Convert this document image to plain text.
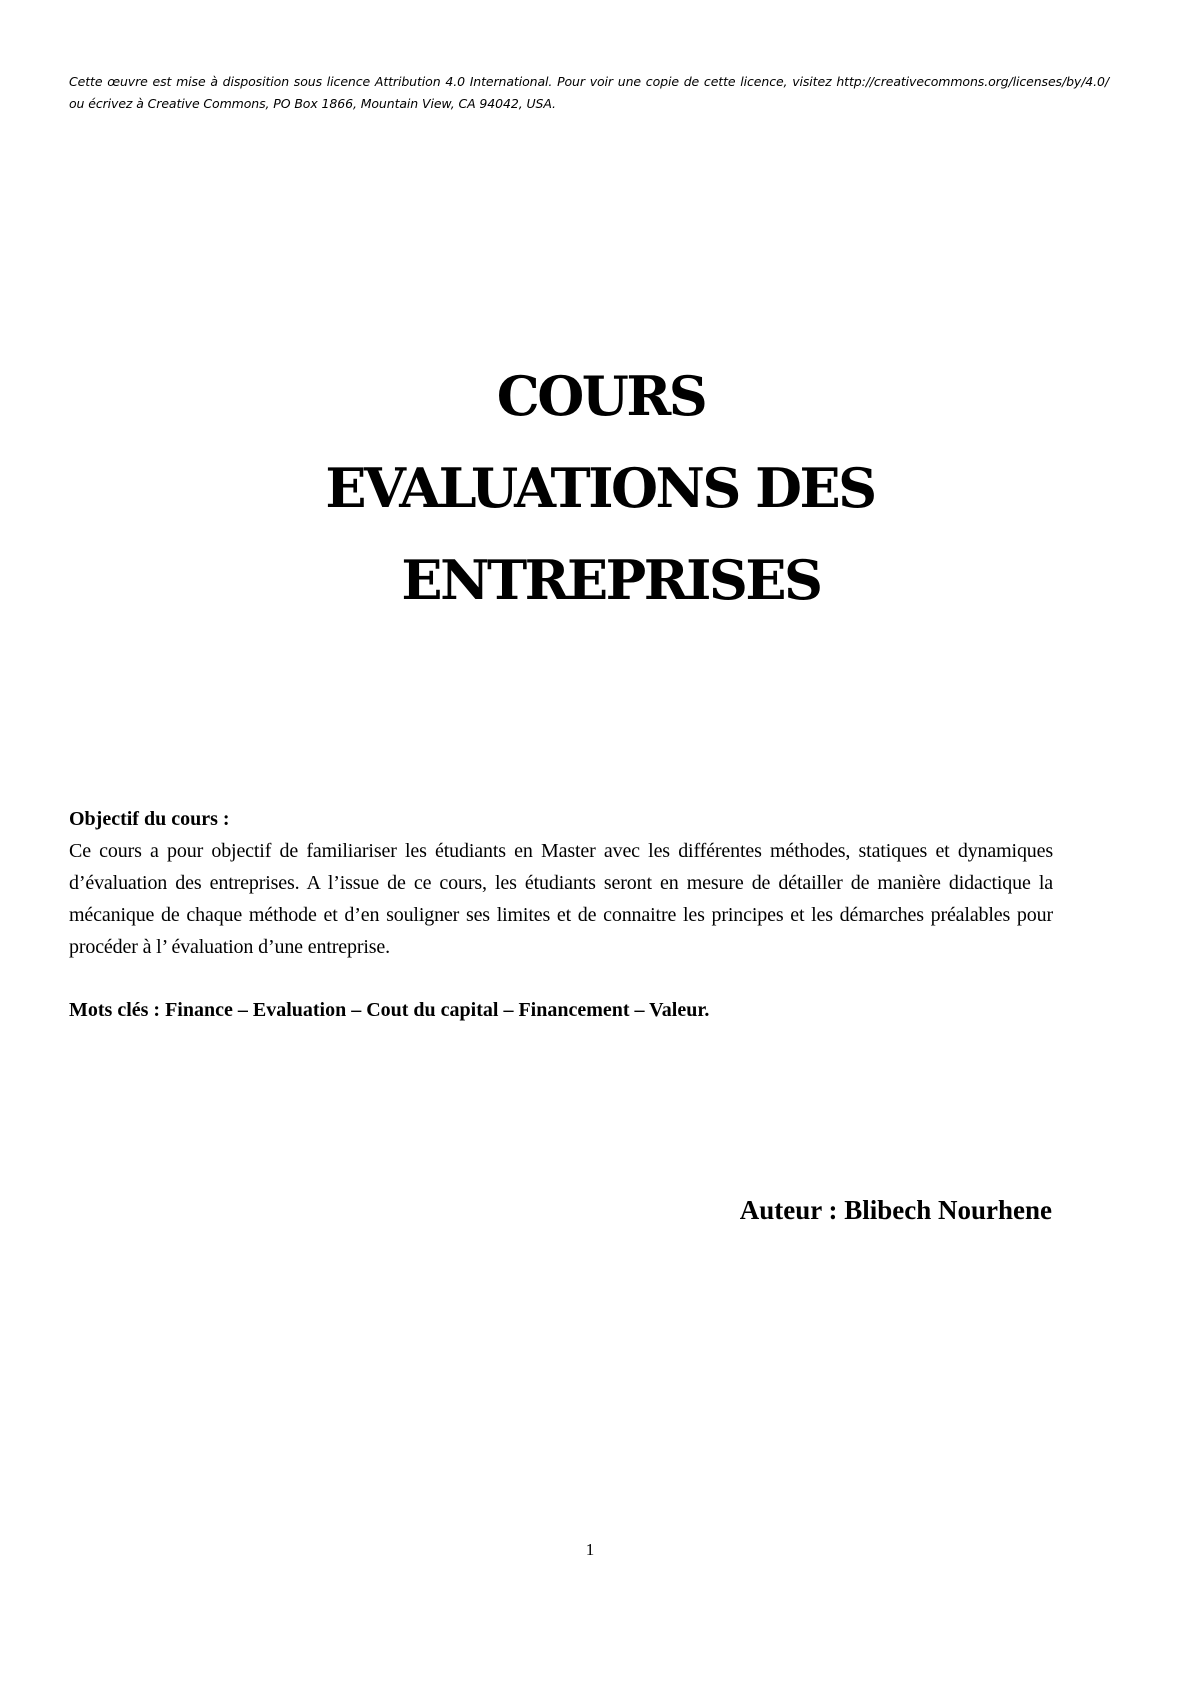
Cette œuvre est mise à disposition sous licence Attribution 4.0 International. Pour voir une copie de cette licence, visitez http://creativecommons.org/licenses/by/4.0/ ou écrivez à Creative Commons, PO Box 1866, Mountain View, CA 94042, USA.
COURS
EVALUATIONS DES
ENTREPRISES
Objectif du cours :
Ce cours a pour objectif de familiariser les étudiants en Master avec les différentes méthodes, statiques et dynamiques d’évaluation des entreprises. A l’issue de ce cours, les étudiants seront en mesure de détailler de manière didactique la mécanique de chaque méthode et d’en souligner ses limites et de connaitre les principes et les démarches préalables pour procéder à l’ évaluation d’une entreprise.
Mots clés : Finance – Evaluation – Cout du capital – Financement – Valeur.
Auteur : Blibech Nourhene
1
